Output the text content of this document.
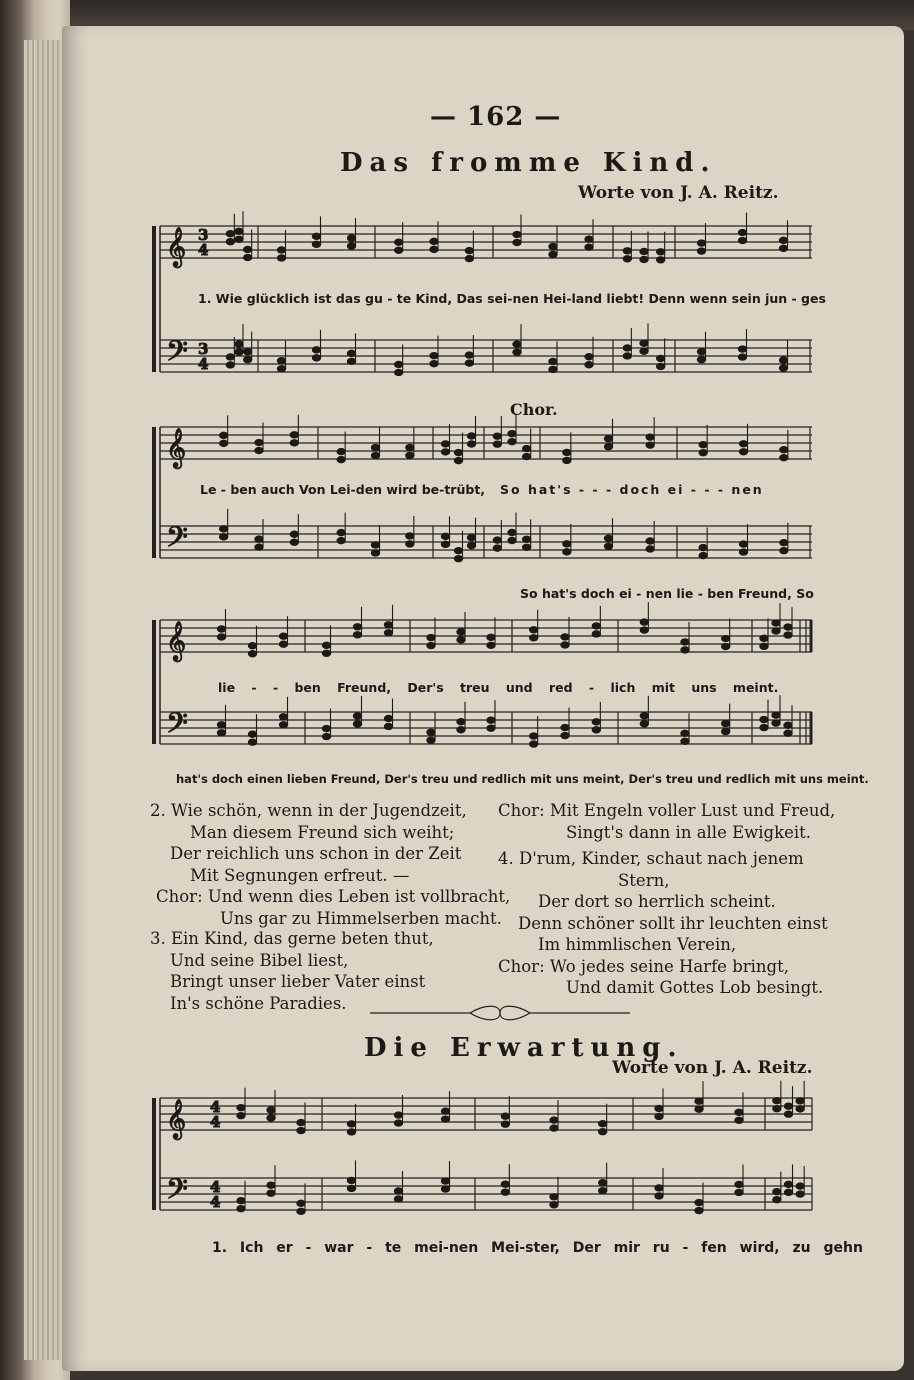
𝄞
𝄢
3
4
3
4
𝄞
𝄢
𝄞
𝄢
𝄞
𝄢
4
4
4
4
— 162 —
Das fromme Kind.
Worte von J. A. Reitz.
1. Wie glücklich ist das gu - te Kind, Das sei-nen Hei-land liebt! Denn wenn sein jun - ges
Chor.
Le - ben auch Von Lei-den wird be-trübt, So hat's - - - doch ei - - - nen
So hat's doch ei - nen lie - ben Freund, So
lie - - ben Freund, Der's treu und red - lich mit uns meint.
hat's doch einen lieben Freund, Der's treu und redlich mit uns meint, Der's treu und redlich mit uns meint.
2. Wie schön, wenn in der Jugendzeit,
Man diesem Freund sich weiht;
Der reichlich uns schon in der Zeit
Mit Segnungen erfreut. —
Chor: Und wenn dies Leben ist vollbracht,
Uns gar zu Himmelserben macht.
3. Ein Kind, das gerne beten thut,
Und seine Bibel liest,
Bringt unser lieber Vater einst
In's schöne Paradies.
Chor: Mit Engeln voller Lust und Freud,
Singt's dann in alle Ewigkeit.
4. D'rum, Kinder, schaut nach jenem
Stern,
Der dort so herrlich scheint.
Denn schöner sollt ihr leuchten einst
Im himmlischen Verein,
Chor: Wo jedes seine Harfe bringt,
Und damit Gottes Lob besingt.
Die Erwartung.
Worte von J. A. Reitz.
1. Ich er - war - te mei-nen Mei-ster, Der mir ru - fen wird, zu gehn
